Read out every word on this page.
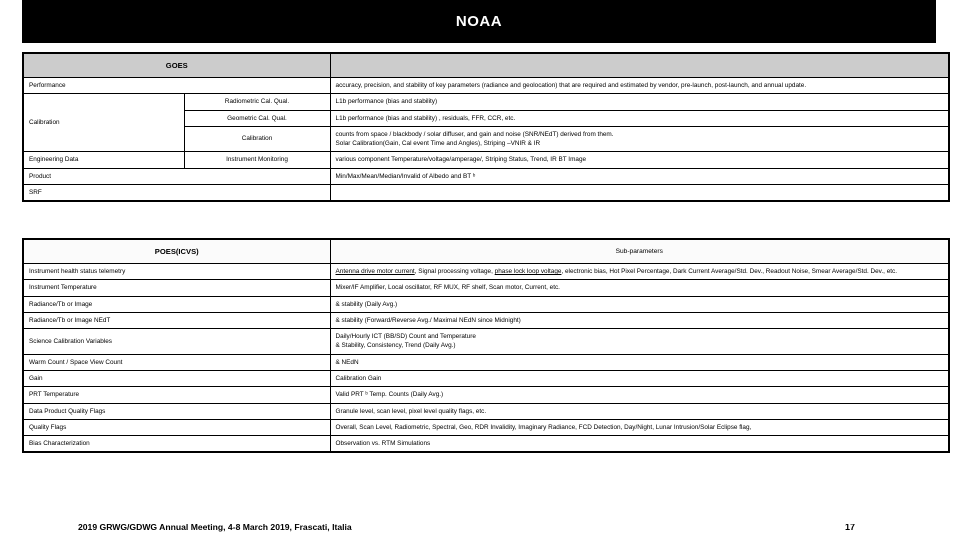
NOAA
GOES		
Performance		accuracy, precision, and stability of key parameters (radiance and geolocation) that are required and estimated by vendor, pre-launch, post-launch, and annual update.
Calibration	Radiometric Cal. Qual.	L1b performance (bias and stability)
	Geometric Cal. Qual.	L1b performance (bias and stability) , residuals, FFR, CCR, etc.
	Calibration	counts from space / blackbody / solar diffuser, and gain and noise (SNR/NEdT) derived from them.
Solar Calibration(Gain, Cal event Time and Angles), Striping –VNIR & IR
Engineering Data	Instrument Monitoring	various component Temperature/voltage/amperage/, Striping Status, Trend, IR BT Image
Product		Min/Max/Mean/Median/Invalid of Albedo and BT ᵇ
SRF		
POES(ICVS)	Sub-parameters
Instrument health status telemetry	Antenna drive motor current, Signal processing voltage, phase lock loop voltage, electronic bias, Hot Pixel Percentage, Dark Current Average/Std. Dev., Readout Noise, Smear Average/Std. Dev., etc.
Instrument Temperature	Mixer/IF Amplifier, Local oscillator, RF MUX, RF shelf, Scan motor, Current, etc.
Radiance/Tb or Image	& stability (Daily Avg.)
Radiance/Tb or Image NEdT	& stability (Forward/Reverse Avg./ Maximal NEdN since Midnight)
Science Calibration Variables	Daily/Hourly ICT (BB/SD) Count and Temperature
& Stability, Consistency, Trend (Daily Avg.)
Warm Count / Space View Count	& NEdN
Gain	Calibration Gain
PRT Temperature	Valid PRT ᵇ Temp. Counts (Daily Avg.)
Data Product Quality Flags	Granule level, scan level, pixel level quality flags, etc.
Quality Flags	Overall, Scan Level, Radiometric, Spectral, Geo, RDR Invalidity, Imaginary Radiance, FCD Detection, Day/Night, Lunar Intrusion/Solar Eclipse flag,
Bias Characterization	Observation vs. RTM Simulations
2019 GRWG/GDWG Annual Meeting, 4-8 March 2019, Frascati, Italia	17
